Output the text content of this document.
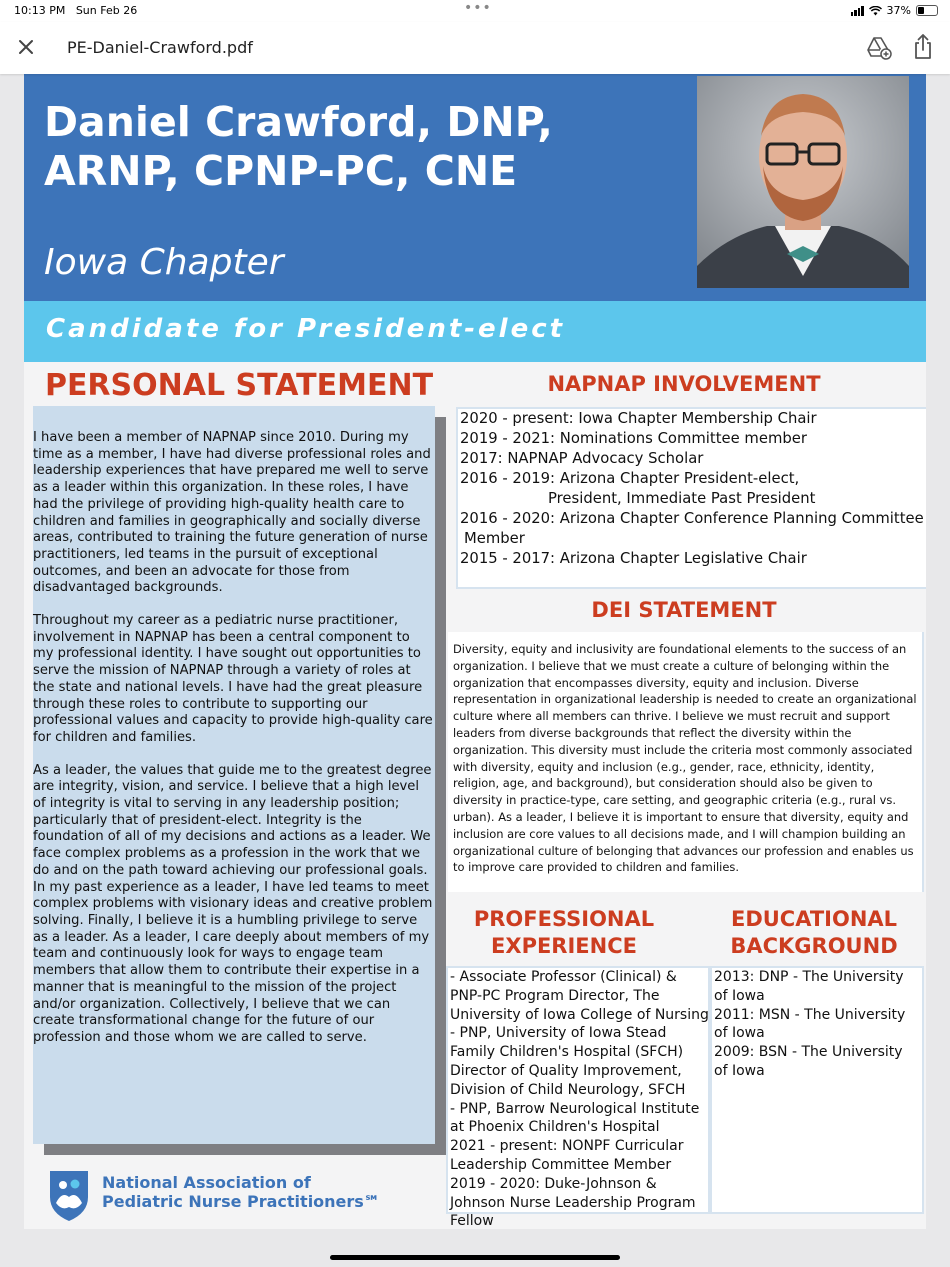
10:13 PM Sun Feb 26	•••	37%
PE-Daniel-Crawford.pdf
Daniel Crawford, DNP,
ARNP, CPNP-PC, CNE
Iowa Chapter
Candidate for President-elect
PERSONAL STATEMENT

I have been a member of NAPNAP since 2010. During my time as a member, I have had diverse professional roles and leadership experiences that have prepared me well to serve as a leader within this organization. In these roles, I have had the privilege of providing high-quality health care to children and families in geographically and socially diverse areas, contributed to training the future generation of nurse practitioners, led teams in the pursuit of exceptional outcomes, and been an advocate for those from disadvantaged backgrounds.

Throughout my career as a pediatric nurse practitioner, involvement in NAPNAP has been a central component to my professional identity. I have sought out opportunities to serve the mission of NAPNAP through a variety of roles at the state and national levels. I have had the great pleasure through these roles to contribute to supporting our professional values and capacity to provide high-quality care for children and families.

As a leader, the values that guide me to the greatest degree are integrity, vision, and service. I believe that a high level of integrity is vital to serving in any leadership position; particularly that of president-elect. Integrity is the foundation of all of my decisions and actions as a leader. We face complex problems as a profession in the work that we do and on the path toward achieving our professional goals. In my past experience as a leader, I have led teams to meet complex problems with visionary ideas and creative problem solving. Finally, I believe it is a humbling privilege to serve as a leader. As a leader, I care deeply about members of my team and continuously look for ways to engage team members that allow them to contribute their expertise in a manner that is meaningful to the mission of the project and/or organization. Collectively, I believe that we can create transformational change for the future of our profession and those whom we are called to serve.

NAPNAP INVOLVEMENT
2020 - present: Iowa Chapter Membership Chair
2019 - 2021: Nominations Committee member
2017: NAPNAP Advocacy Scholar
2016 - 2019: Arizona Chapter President-elect,
President, Immediate Past President
2016 - 2020: Arizona Chapter Conference Planning Committee
Member
2015 - 2017: Arizona Chapter Legislative Chair
DEI STATEMENT
Diversity, equity and inclusivity are foundational elements to the success of an organization. I believe that we must create a culture of belonging within the organization that encompasses diversity, equity and inclusion. Diverse representation in organizational leadership is needed to create an organizational culture where all members can thrive. I believe we must recruit and support leaders from diverse backgrounds that reflect the diversity within the organization. This diversity must include the criteria most commonly associated with diversity, equity and inclusion (e.g., gender, race, ethnicity, identity, religion, age, and background), but consideration should also be given to diversity in practice-type, care setting, and geographic criteria (e.g., rural vs. urban). As a leader, I believe it is important to ensure that diversity, equity and inclusion are core values to all decisions made, and I will champion building an organizational culture of belonging that advances our profession and enables us to improve care provided to children and families.
PROFESSIONAL EXPERIENCE
EDUCATIONAL BACKGROUND
- Associate Professor (Clinical) & PNP-PC Program Director, The University of Iowa College of Nursing
- PNP, University of Iowa Stead Family Children's Hospital (SFCH)
Director of Quality Improvement, Division of Child Neurology, SFCH
- PNP, Barrow Neurological Institute at Phoenix Children's Hospital
2021 - present: NONPF Curricular Leadership Committee Member
2019 - 2020: Duke-Johnson & Johnson Nurse Leadership Program Fellow
2013: DNP - The University of Iowa
2011: MSN - The University of Iowa
2009: BSN - The University of Iowa
National Association of
Pediatric Nurse Practitioners℠
